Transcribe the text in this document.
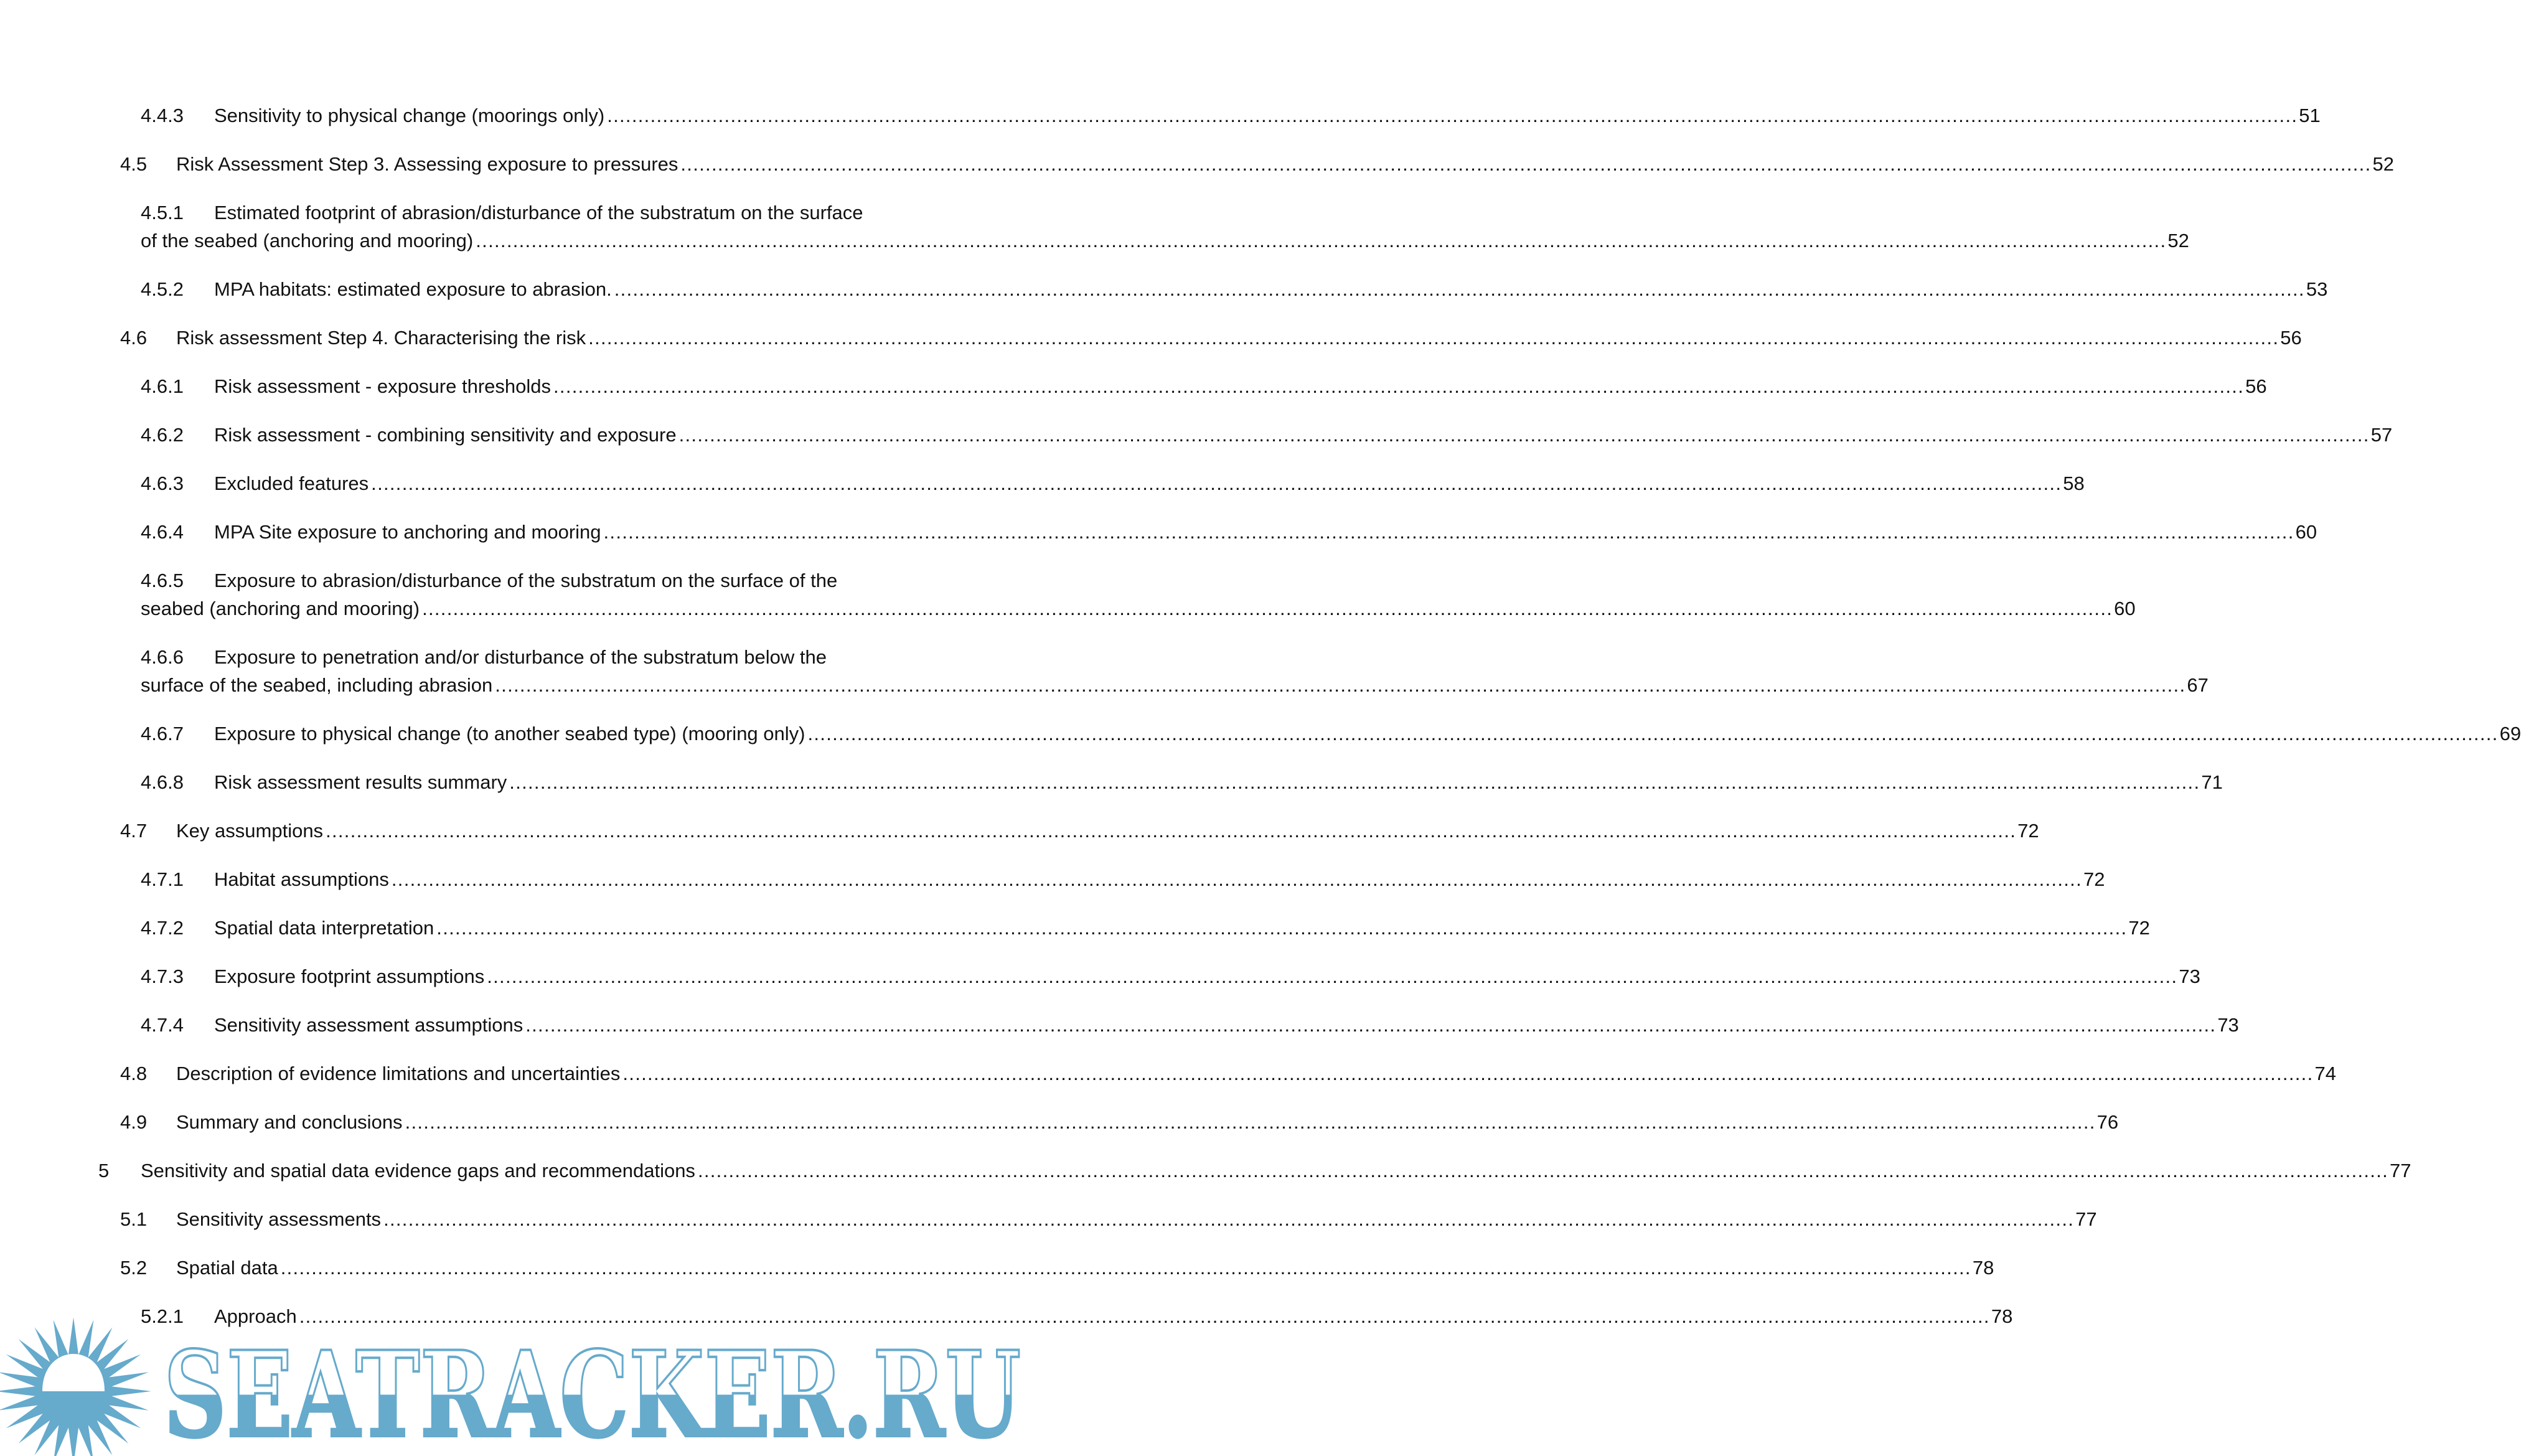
4.4.3	Sensitivity to physical change (moorings only) .....	51
4.5	Risk Assessment Step 3. Assessing exposure to pressures .....	52
4.5.1	Estimated footprint of abrasion/disturbance of the substratum on the surface
of the seabed (anchoring and mooring) .....	52
4.5.2	MPA habitats: estimated exposure to abrasion. .....	53
4.6	Risk assessment Step 4. Characterising the risk .....	56
4.6.1	Risk assessment - exposure thresholds .....	56
4.6.2	Risk assessment - combining sensitivity and exposure .....	57
4.6.3	Excluded features .....	58
4.6.4	MPA Site exposure to anchoring and mooring .....	60
4.6.5	Exposure to abrasion/disturbance of the substratum on the surface of the
seabed (anchoring and mooring) .....	60
4.6.6	Exposure to penetration and/or disturbance of the substratum below the
surface of the seabed, including abrasion .....	67
4.6.7	Exposure to physical change (to another seabed type) (mooring only) .....	69
4.6.8	Risk assessment results summary .....	71
4.7	Key assumptions .....	72
4.7.1	Habitat assumptions .....	72
4.7.2	Spatial data interpretation .....	72
4.7.3	Exposure footprint assumptions .....	73
4.7.4	Sensitivity assessment assumptions .....	73
4.8	Description of evidence limitations and uncertainties .....	74
4.9	Summary and conclusions .....	76
5	Sensitivity and spatial data evidence gaps and recommendations .....	77
5.1	Sensitivity assessments .....	77
5.2	Spatial data .....	78
5.2.1	Approach .....	78
SEATRACKER.RU
